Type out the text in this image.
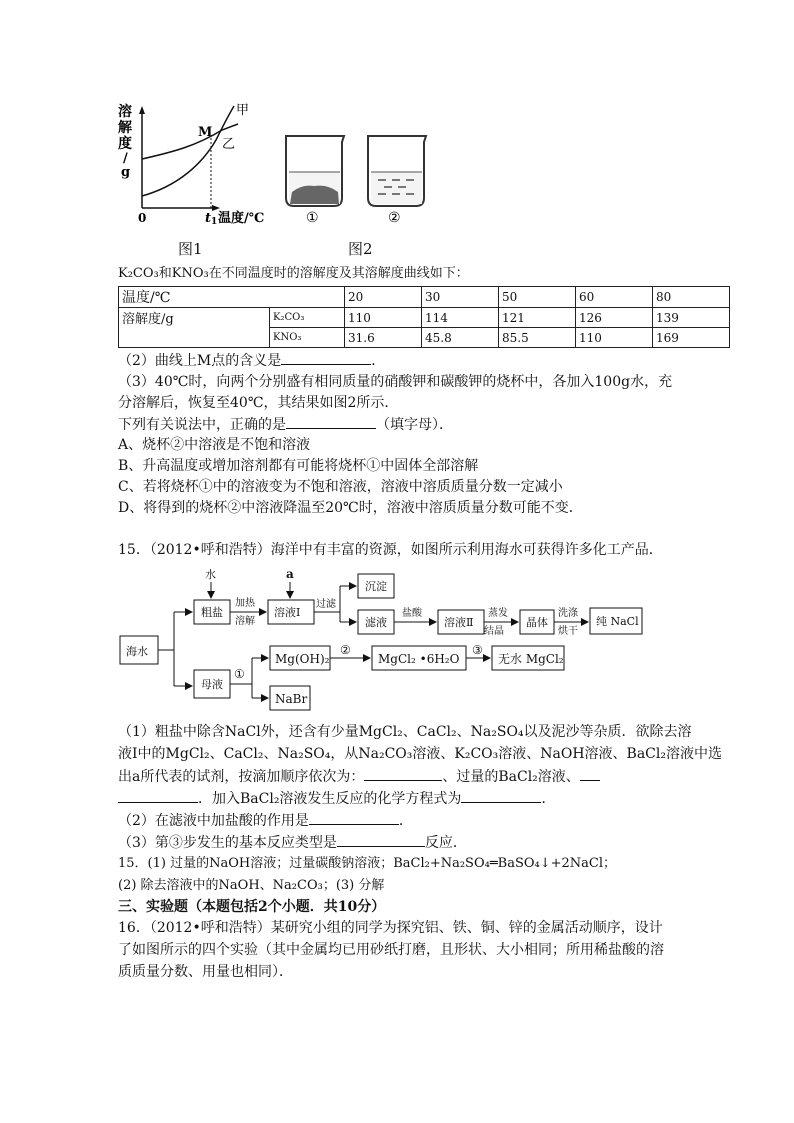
溶
解
度
/
g
甲
乙
M
0	t 1 温度/℃
图1
①	②
图2
K₂CO₃和KNO₃在不同温度时的溶解度及其溶解度曲线如下：
温度/℃		20	30	50	60	80
溶解度/g	K₂CO₃	110	114	121	126	139
	KNO₃	31.6	45.8	85.5	110	169
（2）曲线上M点的含义是	．
（3）40℃时，向两个分别盛有相同质量的硝酸钾和碳酸钾的烧杯中，各加入100g水，充
分溶解后，恢复至40℃，其结果如图2所示．
下列有关说法中，正确的是	（填字母）．
A、烧杯②中溶液是不饱和溶液
B、升高温度或增加溶剂都有可能将烧杯①中固体全部溶解
C、若将烧杯①中的溶液变为不饱和溶液，溶液中溶质质量分数一定减小
D、将得到的烧杯②中溶液降温至20℃时，溶液中溶质质量分数可能不变．
15．（2012•呼和浩特）海洋中有丰富的资源，如图所示利用海水可获得许多化工产品．
海水
水
粗盐
加热
溶解
a
溶液Ⅰ
过滤
沉淀
滤液
盐酸
溶液Ⅱ
蒸发
结晶
晶体
洗涤
烘干
纯 NaCl
母液
①
Mg(OH)₂
②
MgCl₂ •6H₂O
③
无水 MgCl₂
NaBr
（1）粗盐中除含NaCl外，还含有少量MgCl₂、CaCl₂、Na₂SO₄以及泥沙等杂质．欲除去溶
液Ⅰ中的MgCl₂、CaCl₂、Na₂SO₄，从Na₂CO₃溶液、K₂CO₃溶液、NaOH溶液、BaCl₂溶液中选
出a所代表的试剂，按滴加顺序依次为：	、过量的BaCl₂溶液、
．加入BaCl₂溶液发生反应的化学方程式为	．
（2）在滤液中加盐酸的作用是	．
（3）第③步发生的基本反应类型是	反应．
15．(1) 过量的NaOH溶液；过量碳酸钠溶液；BaCl₂+Na₂SO₄═BaSO₄↓+2NaCl；
(2) 除去溶液中的NaOH、Na₂CO₃；(3) 分解
三、实验题（本题包括2个小题．共10分）
16．（2012•呼和浩特）某研究小组的同学为探究铝、铁、铜、锌的金属活动顺序，设计
了如图所示的四个实验（其中金属均已用砂纸打磨，且形状、大小相同；所用稀盐酸的溶
质质量分数、用量也相同）．
